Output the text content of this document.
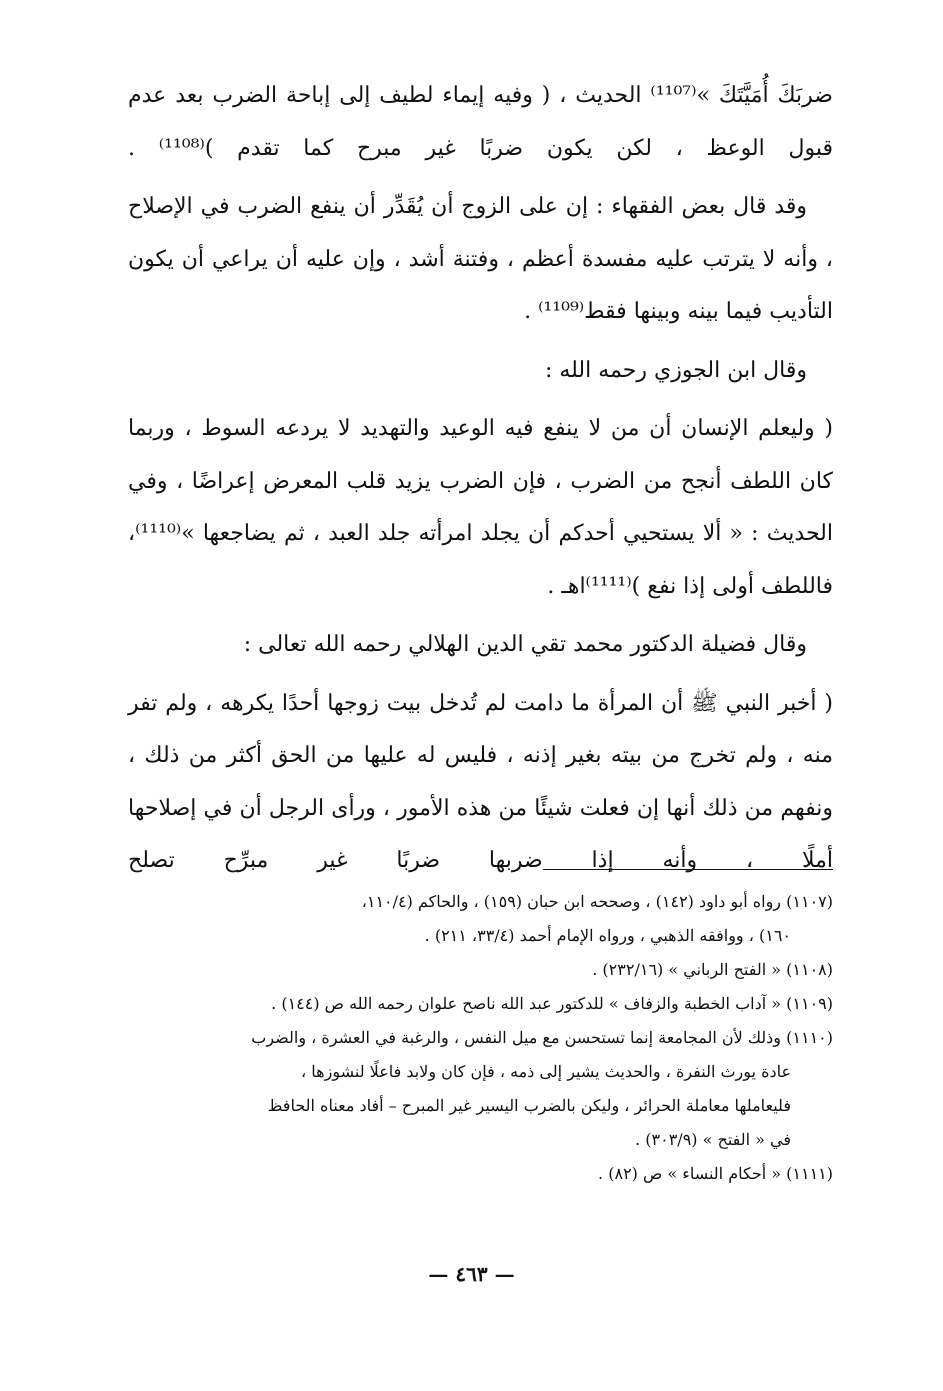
ضربَكَ أُمَيَّتَكَ »⁽¹¹⁰⁷⁾ الحديث ، ( وفيه إيماء لطيف إلى إباحة الضرب بعد عدم قبول الوعظ ، لكن يكون ضربًا غير مبرح كما تقدم )⁽¹¹⁰⁸⁾ .

وقد قال بعض الفقهاء : إن على الزوج أن يُقَدِّر أن ينفع الضرب في الإصلاح ، وأنه لا يترتب عليه مفسدة أعظم ، وفتنة أشد ، وإن عليه أن يراعي أن يكون التأديب فيما بينه وبينها فقط⁽¹¹⁰⁹⁾ .

وقال ابن الجوزي رحمه الله :

( وليعلم الإنسان أن من لا ينفع فيه الوعيد والتهديد لا يردعه السوط ، وربما كان اللطف أنجح من الضرب ، فإن الضرب يزيد قلب المعرض إعراضًا ، وفي الحديث : « ألا يستحيي أحدكم أن يجلد امرأته جلد العبد ، ثم يضاجعها »⁽¹¹¹⁰⁾، فاللطف أولى إذا نفع )⁽¹¹¹¹⁾اهـ .

وقال فضيلة الدكتور محمد تقي الدين الهلالي رحمه الله تعالى :

( أخبر النبي ﷺ أن المرأة ما دامت لم تُدخل بيت زوجها أحدًا يكرهه ، ولم تفر منه ، ولم تخرج من بيته بغير إذنه ، فليس له عليها من الحق أكثر من ذلك ، ونفهم من ذلك أنها إن فعلت شيئًا من هذه الأمور ، ورأى الرجل أن في إصلاحها أملًا ، وأنه إذا ضربها ضربًا غير مبرِّح تصلح

(١١٠٧) رواه أبو داود (١٤٢) ، وصححه ابن حبان (١٥٩) ، والحاكم (١١٠/٤،
١٦٠) ، ووافقه الذهبي ، ورواه الإمام أحمد (٣٣/٤، ٢١١) .
(١١٠٨) « الفتح الرباني » (٢٣٢/١٦) .
(١١٠٩) « آداب الخطبة والزفاف » للدكتور عبد الله ناصح علوان رحمه الله ص (١٤٤) .
(١١١٠) وذلك لأن المجامعة إنما تستحسن مع ميل النفس ، والرغبة في العشرة ، والضرب
عادة يورث النفرة ، والحديث يشير إلى ذمه ، فإن كان ولابد فاعلًا لنشوزها ،
فليعاملها معاملة الحرائر ، وليكن بالضرب اليسير غير المبرح – أفاد معناه الحافظ
في « الفتح » (٣٠٣/٩) .
(١١١١) « أحكام النساء » ص (٨٢) .
— ٤٦٣ —
